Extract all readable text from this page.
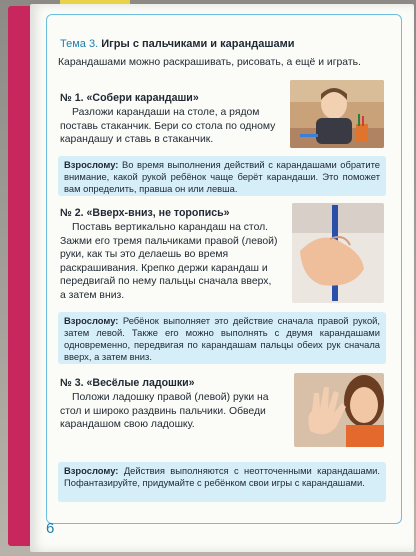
Тема 3. Игры с пальчиками и карандашами
Карандашами можно раскрашивать, рисовать, а ещё и играть.
№ 1. «Собери карандаши»
Разложи карандаши на столе, а рядом поставь стаканчик. Бери со стола по одному карандашу и ставь в стаканчик.
Взрослому: Во время выполнения действий с карандашами обратите внимание, какой рукой ребёнок чаще берёт карандаши. Это поможет вам определить, правша он или левша.
№ 2. «Вверх-вниз, не торопись»
Поставь вертикально карандаш на стол. Зажми его тремя пальчиками правой (левой) руки, как ты это делаешь во время раскрашивания. Крепко держи карандаш и передвигай по нему пальцы сначала вверх, а затем вниз.
Взрослому: Ребёнок выполняет это действие сначала правой рукой, затем левой. Также его можно выполнять с двумя карандашами одновременно, передвигая по карандашам пальцы обеих рук сначала вверх, а затем вниз.
№ 3. «Весёлые ладошки»
Положи ладошку правой (левой) руки на стол и широко раздвинь пальчики. Обведи карандашом свою ладошку.
Взрослому: Действия выполняются с неотточенными карандашами. Пофантазируйте, придумайте с ребёнком свои игры с карандашами.
6
